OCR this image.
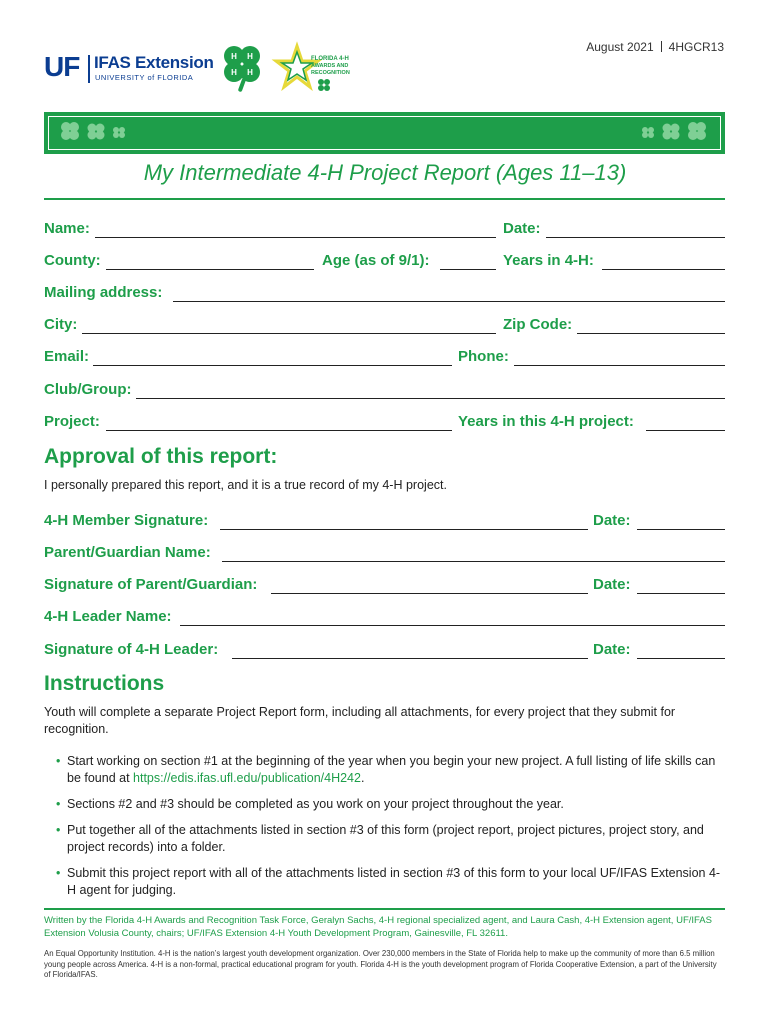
UF IFAS Extension
UNIVERSITY of FLORIDA
H H
H H
FLORIDA 4-H
AWARDS AND
RECOGNITION
August 2021 4HGCR13
My Intermediate 4-H Project Report (Ages 11–13)
Name:	Date:
County:	Age (as of 9/1):	Years in 4-H:
Mailing address:
City:	Zip Code:
Email:	Phone:
Club/Group:
Project:	Years in this 4-H project:
Approval of this report:
I personally prepared this report, and it is a true record of my 4-H project.
4-H Member Signature:	Date:
Parent/Guardian Name:
Signature of Parent/Guardian:	Date:
4-H Leader Name:
Signature of 4-H Leader:	Date:
Instructions
Youth will complete a separate Project Report form, including all attachments, for every project that they submit for recognition.
• Start working on section #1 at the beginning of the year when you begin your new project. A full listing of life skills can be found at https://edis.ifas.ufl.edu/publication/4H242.
• Sections #2 and #3 should be completed as you work on your project throughout the year.
• Put together all of the attachments listed in section #3 of this form (project report, project pictures, project story, and project records) into a folder.
• Submit this project report with all of the attachments listed in section #3 of this form to your local UF/IFAS Extension 4-H agent for judging.
Written by the Florida 4-H Awards and Recognition Task Force, Geralyn Sachs, 4-H regional specialized agent, and Laura Cash, 4-H Extension agent, UF/IFAS Extension Volusia County, chairs; UF/IFAS Extension 4-H Youth Development Program, Gainesville, FL 32611.
An Equal Opportunity Institution. 4-H is the nation’s largest youth development organization. Over 230,000 members in the State of Florida help to make up the community of more than 6.5 million young people across America. 4-H is a non-formal, practical educational program for youth. Florida 4-H is the youth development program of Florida Cooperative Extension, a part of the University of Florida/IFAS.
